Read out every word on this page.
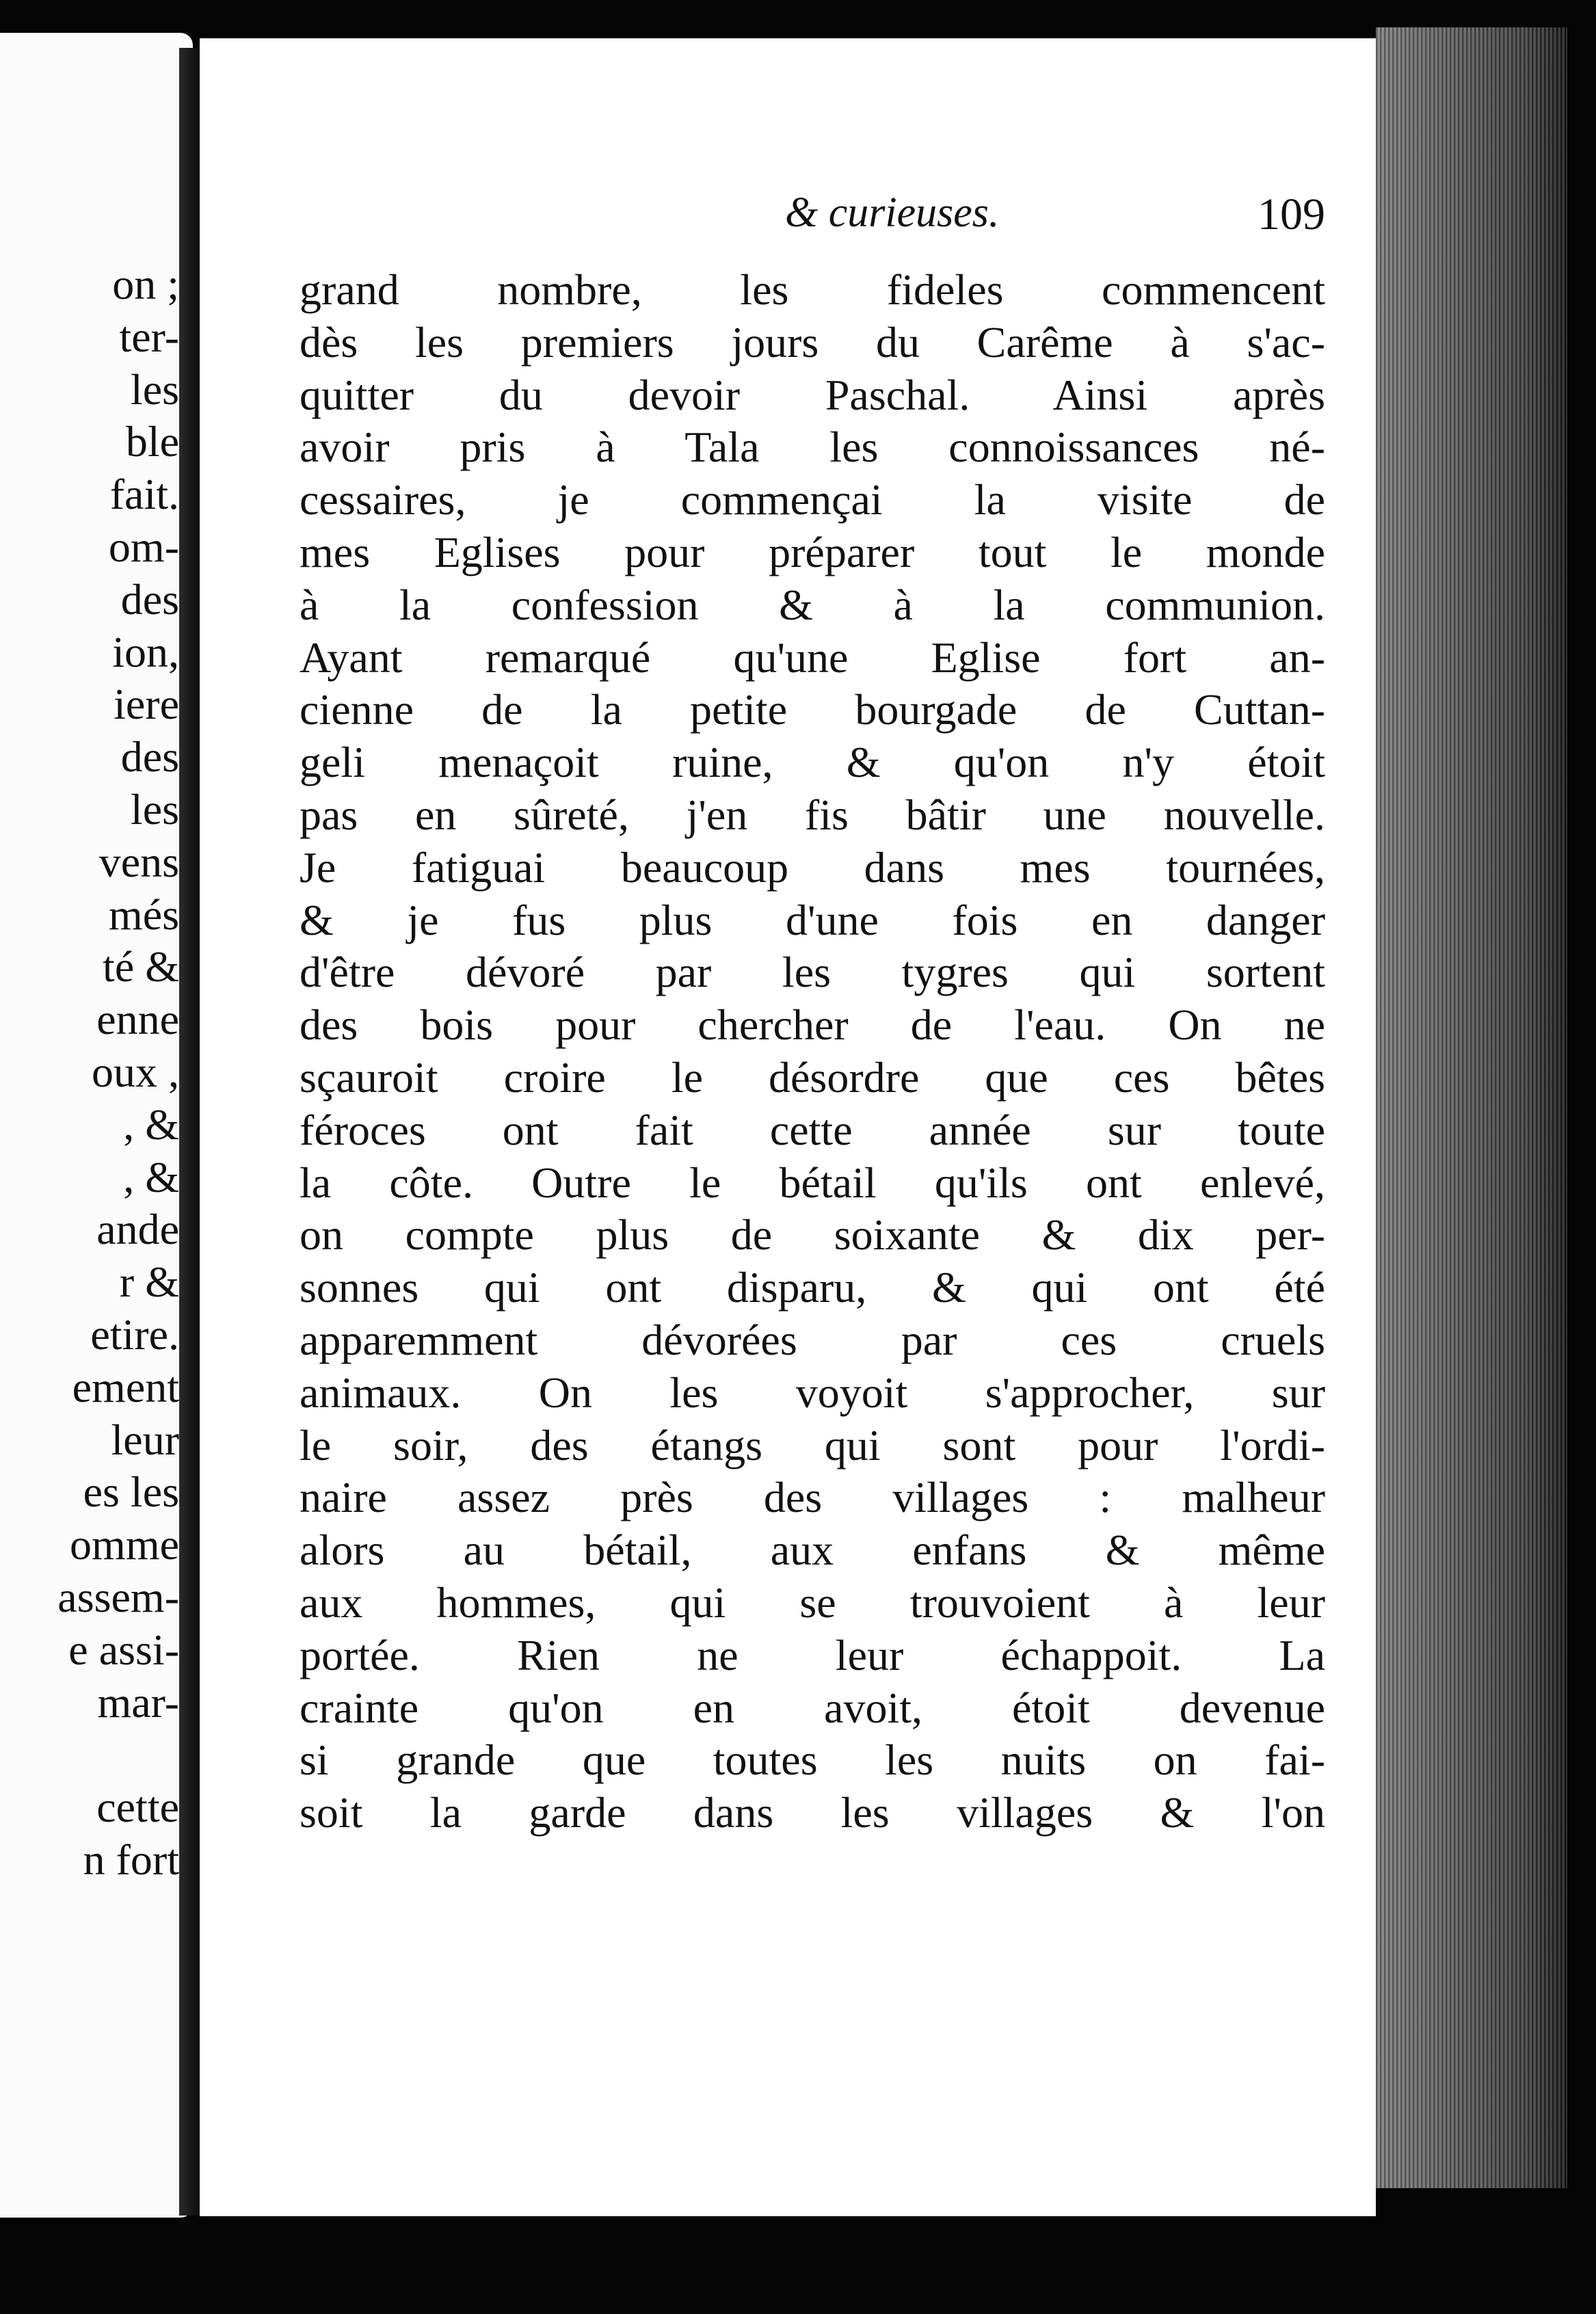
on ;
ter-
les
ble
fait.
om-
des
ion,
iere
des
les
vens
més
té &
enne
oux ,
, &
, &
ande
r &
etire.
ement
leur
es les
omme
assem-
e assi-
mar-
cette
n fort
& curieuses.	109
grand nombre, les fideles commencent
dès les premiers jours du Carême à s'ac-
quitter du devoir Paschal. Ainsi après
avoir pris à Tala les connoissances né-
cessaires, je commençai la visite de
mes Eglises pour préparer tout le monde
à la confession & à la communion.
Ayant remarqué qu'une Eglise fort an-
cienne de la petite bourgade de Cuttan-
geli menaçoit ruine, & qu'on n'y étoit
pas en sûreté, j'en fis bâtir une nouvelle.
Je fatiguai beaucoup dans mes tournées,
& je fus plus d'une fois en danger
d'être dévoré par les tygres qui sortent
des bois pour chercher de l'eau. On ne
sçauroit croire le désordre que ces bêtes
féroces ont fait cette année sur toute
la côte. Outre le bétail qu'ils ont enlevé,
on compte plus de soixante & dix per-
sonnes qui ont disparu, & qui ont été
apparemment dévorées par ces cruels
animaux. On les voyoit s'approcher, sur
le soir, des étangs qui sont pour l'ordi-
naire assez près des villages : malheur
alors au bétail, aux enfans & même
aux hommes, qui se trouvoient à leur
portée. Rien ne leur échappoit. La
crainte qu'on en avoit, étoit devenue
si grande que toutes les nuits on fai-
soit la garde dans les villages & l'on
